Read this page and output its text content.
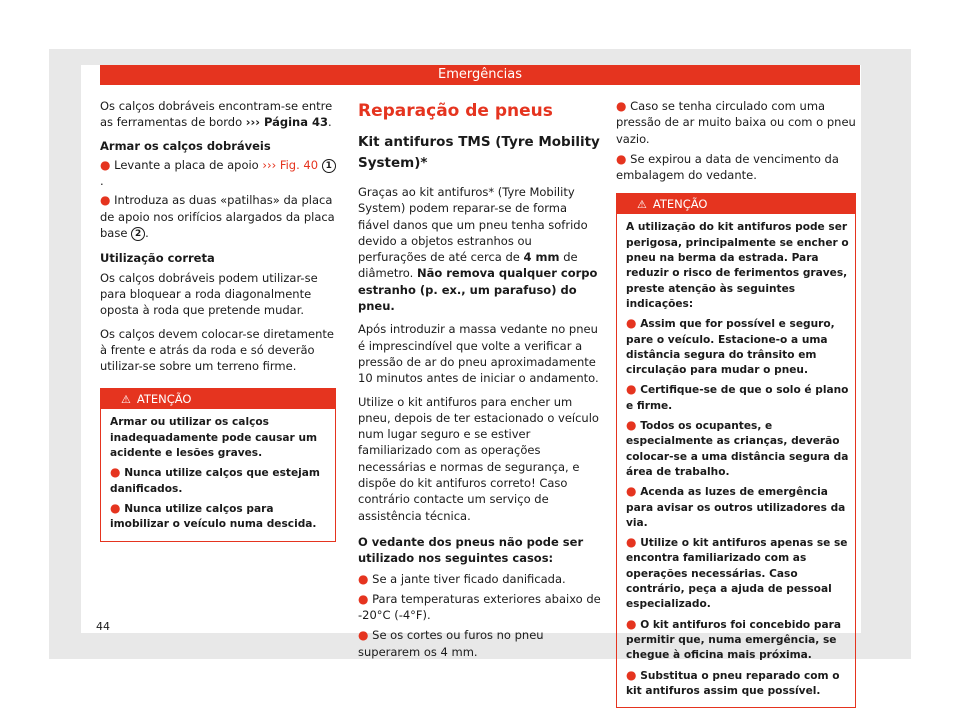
Emergências

Os calços dobráveis encontram-se entre as ferramentas de bordo ››› Página 43.

Armar os calços dobráveis

● Levante a placa de apoio ››› Fig. 40 1.

● Introduza as duas «patilhas» da placa de apoio nos orifícios alargados da placa base 2 .

Utilização correta

Os calços dobráveis podem utilizar-se para bloquear a roda diagonalmente oposta à roda que pretende mudar.

Os calços devem colocar-se diretamente à frente e atrás da roda e só deverão utilizar-se sobre um terreno firme.

⚠ ATENÇÃO

Armar ou utilizar os calços inadequadamente pode causar um acidente e lesões graves.

● Nunca utilize calços que estejam danificados.

● Nunca utilize calços para imobilizar o veículo numa descida.

Reparação de pneus
Kit antifuros TMS (Tyre Mobility System)*

Graças ao kit antifuros* (Tyre Mobility System) podem reparar-se de forma fiável danos que um pneu tenha sofrido devido a objetos estranhos ou perfurações de até cerca de 4 mm de diâmetro. Não remova qualquer corpo estranho (p. ex., um parafuso) do pneu.

Após introduzir a massa vedante no pneu é imprescindível que volte a verificar a pressão de ar do pneu aproximadamente 10 minutos antes de iniciar o andamento.

Utilize o kit antifuros para encher um pneu, depois de ter estacionado o veículo num lugar seguro e se estiver familiarizado com as operações necessárias e normas de segurança, e dispõe do kit antifuros correto! Caso contrário contacte um serviço de assistência técnica.

O vedante dos pneus não pode ser utilizado nos seguintes casos:

● Se a jante tiver ficado danificada.

● Para temperaturas exteriores abaixo de -20°C (-4°F).

● Se os cortes ou furos no pneu superarem os 4 mm.

● Caso se tenha circulado com uma pressão de ar muito baixa ou com o pneu vazio.

● Se expirou a data de vencimento da embalagem do vedante.

⚠ ATENÇÃO

A utilização do kit antifuros pode ser perigosa, principalmente se encher o pneu na berma da estrada. Para reduzir o risco de ferimentos graves, preste atenção às seguintes indicações:

● Assim que for possível e seguro, pare o veículo. Estacione-o a uma distância segura do trânsito em circulação para mudar o pneu.

● Certifique-se de que o solo é plano e firme.

● Todos os ocupantes, e especialmente as crianças, deverão colocar-se a uma distância segura da área de trabalho.

● Acenda as luzes de emergência para avisar os outros utilizadores da via.

● Utilize o kit antifuros apenas se se encontra familiarizado com as operações necessárias. Caso contrário, peça a ajuda de pessoal especializado.

● O kit antifuros foi concebido para permitir que, numa emergência, se chegue à oficina mais próxima.

● Substitua o pneu reparado com o kit antifuros assim que possível.

44
